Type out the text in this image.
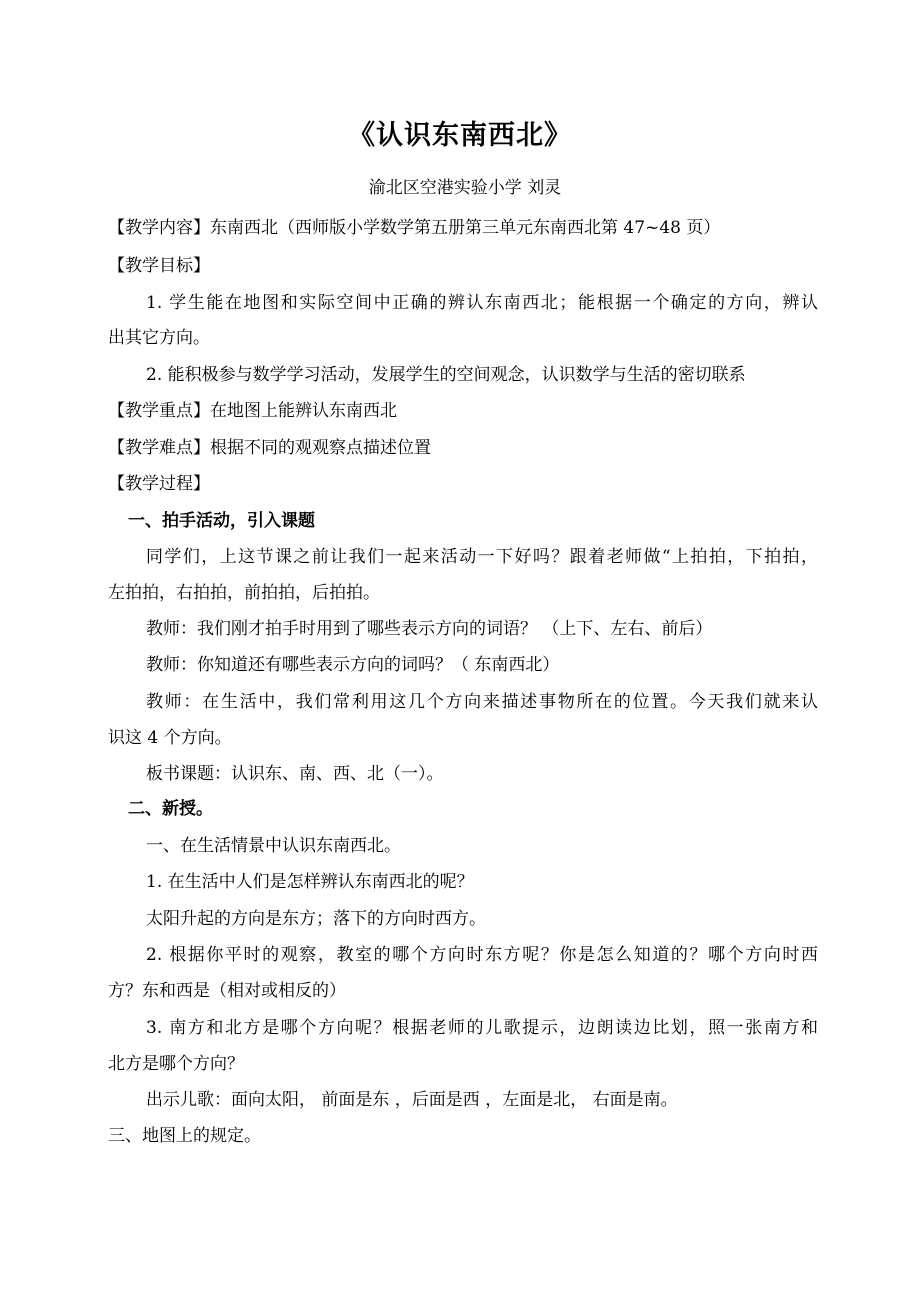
《认识东南西北》
渝北区空港实验小学 刘灵
【教学内容】东南西北（西师版小学数学第五册第三单元东南西北第 47~48 页）
【教学目标】
1. 学生能在地图和实际空间中正确的辨认东南西北；能根据一个确定的方向，辨认
出其它方向。
2. 能积极参与数学学习活动，发展学生的空间观念，认识数学与生活的密切联系
【教学重点】在地图上能辨认东南西北
【教学难点】根据不同的观观察点描述位置
【教学过程】
一、拍手活动，引入课题
同学们，上这节课之前让我们一起来活动一下好吗？跟着老师做“上拍拍，下拍拍，
左拍拍，右拍拍，前拍拍，后拍拍。
教师：我们刚才拍手时用到了哪些表示方向的词语？ （上下、左右、前后）
教师：你知道还有哪些表示方向的词吗？（ 东南西北）
教师：在生活中，我们常利用这几个方向来描述事物所在的位置。今天我们就来认
识这 4 个方向。
板书课题：认识东、南、西、北（一）。
二、新授。
一、在生活情景中认识东南西北。
1. 在生活中人们是怎样辨认东南西北的呢？
太阳升起的方向是东方；落下的方向时西方。
2. 根据你平时的观察，教室的哪个方向时东方呢？你是怎么知道的？哪个方向时西
方？东和西是（相对或相反的）
3. 南方和北方是哪个方向呢？根据老师的儿歌提示，边朗读边比划，照一张南方和
北方是哪个方向？
出示儿歌：面向太阳， 前面是东 ，后面是西 ，左面是北， 右面是南。
三、地图上的规定。
